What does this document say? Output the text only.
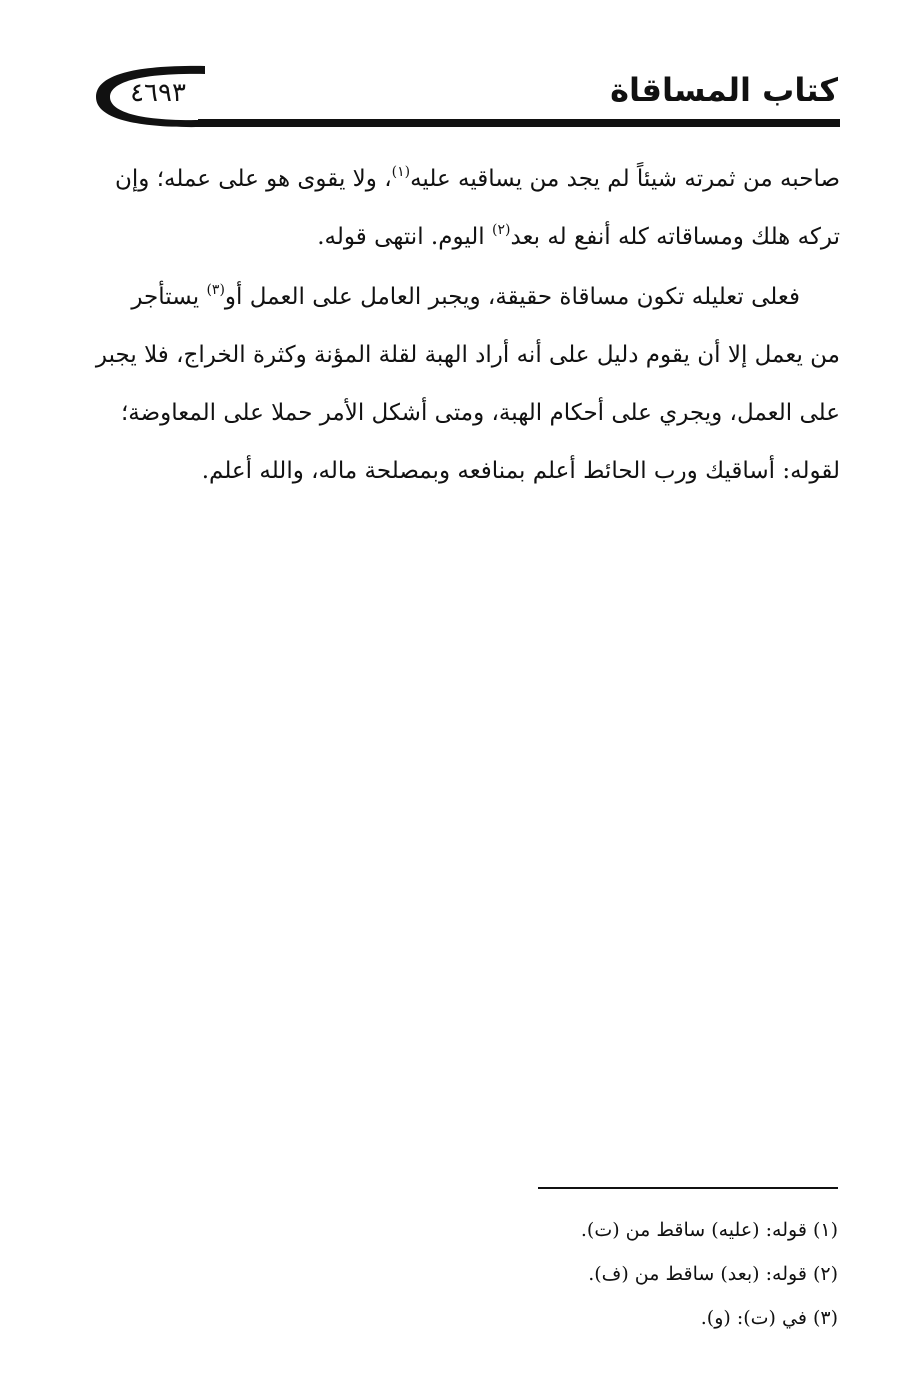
كتاب المساقاة
٤٦٩٣
صاحبه من ثمرته شيئاً لم يجد من يساقيه عليه$^{(١)}$، ولا يقوى هو على عمله؛ وإن
تركه هلك ومساقاته كله أنفع له بعد$^{(٢)}$ اليوم. انتهى قوله.
فعلى تعليله تكون مساقاة حقيقة، ويجبر العامل على العمل أو$^{(٣)}$ يستأجر
من يعمل إلا أن يقوم دليل على أنه أراد الهبة لقلة المؤنة وكثرة الخراج، فلا يجبر
على العمل، ويجري على أحكام الهبة، ومتى أشكل الأمر حملا على المعاوضة؛
لقوله: أساقيك ورب الحائط أعلم بمنافعه وبمصلحة ماله، والله أعلم.
(١) قوله: (عليه) ساقط من (ت).
(٢) قوله: (بعد) ساقط من (ف).
(٣) في (ت): (و).
